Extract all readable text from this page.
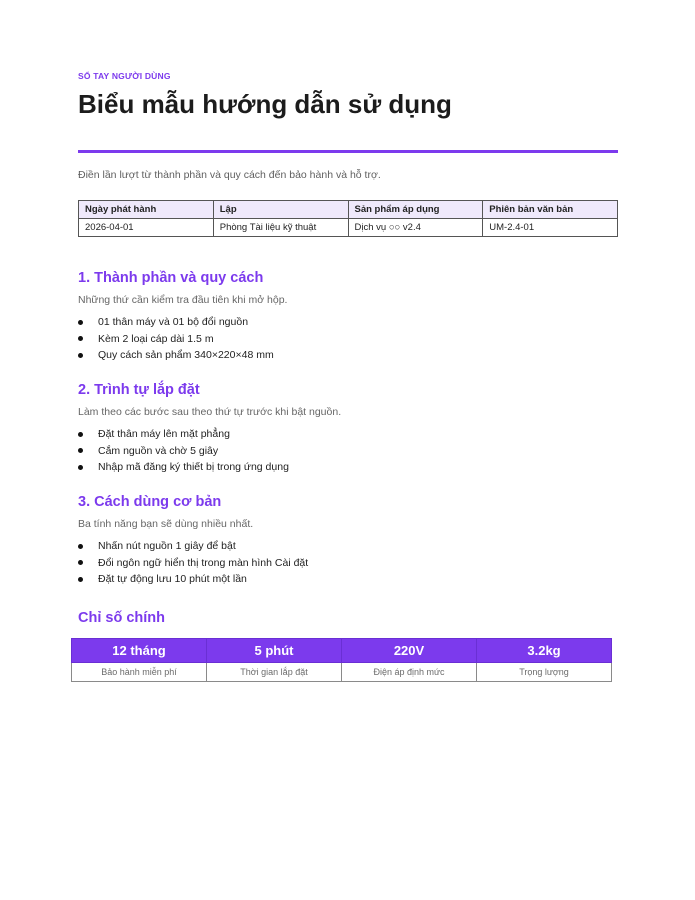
SỔ TAY NGƯỜI DÙNG
Biểu mẫu hướng dẫn sử dụng
Điền lần lượt từ thành phần và quy cách đến bảo hành và hỗ trợ.
Ngày phát hành	Lập	Sản phẩm áp dụng	Phiên bản văn bản
2026-04-01	Phòng Tài liệu kỹ thuật	Dịch vụ ○○ v2.4	UM-2.4-01
1. Thành phần và quy cách
Những thứ cần kiểm tra đầu tiên khi mở hộp.
01 thân máy và 01 bộ đổi nguồn
Kèm 2 loại cáp dài 1.5 m
Quy cách sản phẩm 340×220×48 mm
2. Trình tự lắp đặt
Làm theo các bước sau theo thứ tự trước khi bật nguồn.
Đặt thân máy lên mặt phẳng
Cắm nguồn và chờ 5 giây
Nhập mã đăng ký thiết bị trong ứng dụng
3. Cách dùng cơ bản
Ba tính năng bạn sẽ dùng nhiều nhất.
Nhấn nút nguồn 1 giây để bật
Đổi ngôn ngữ hiển thị trong màn hình Cài đặt
Đặt tự động lưu 10 phút một lần
Chỉ số chính
12 tháng	5 phút	220V	3.2kg
Bảo hành miễn phí	Thời gian lắp đặt	Điện áp định mức	Trọng lượng
